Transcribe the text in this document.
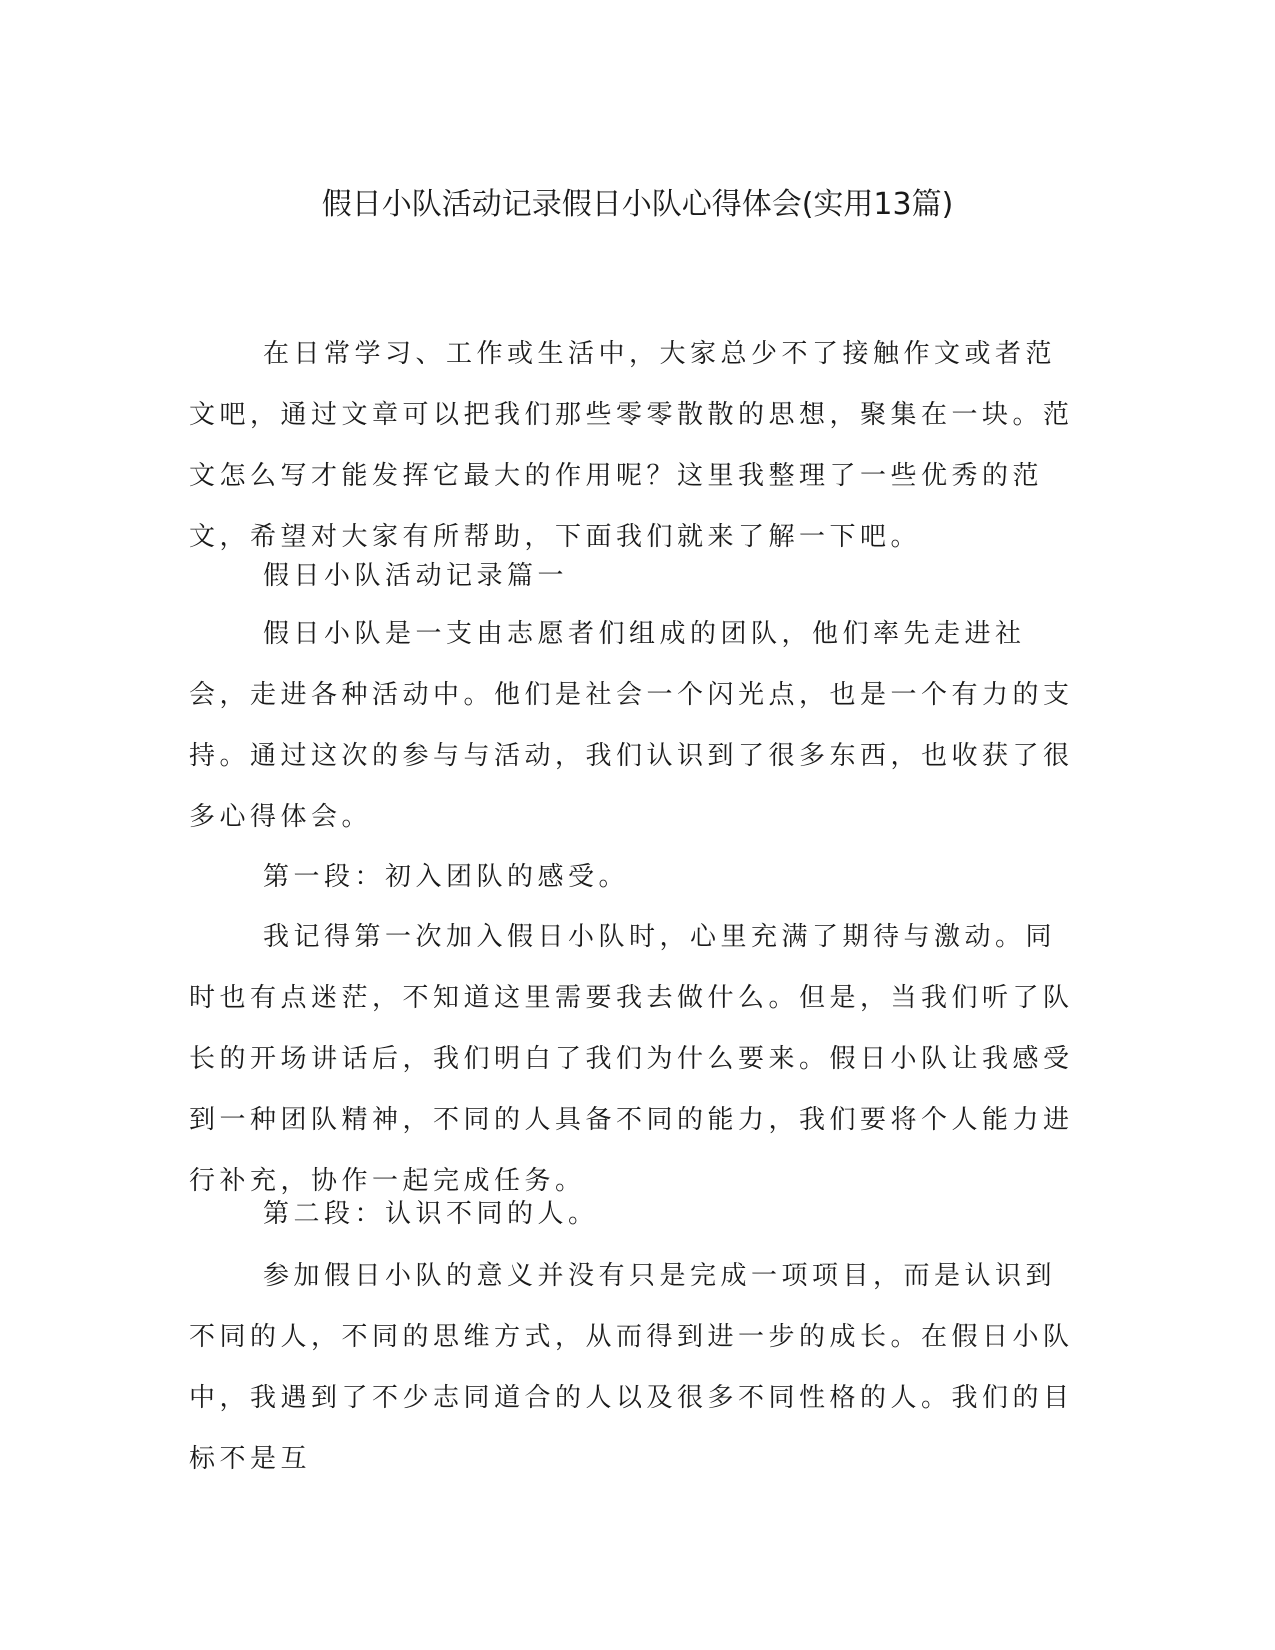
假日小队活动记录假日小队心得体会(实用13篇)

在日常学习、工作或生活中，大家总少不了接触作文或者范文吧，通过文章可以把我们那些零零散散的思想，聚集在一块。范文怎么写才能发挥它最大的作用呢？这里我整理了一些优秀的范文，希望对大家有所帮助，下面我们就来了解一下吧。

假日小队活动记录篇一

假日小队是一支由志愿者们组成的团队，他们率先走进社会，走进各种活动中。他们是社会一个闪光点，也是一个有力的支持。通过这次的参与与活动，我们认识到了很多东西，也收获了很多心得体会。

第一段：初入团队的感受。

我记得第一次加入假日小队时，心里充满了期待与激动。同时也有点迷茫，不知道这里需要我去做什么。但是，当我们听了队长的开场讲话后，我们明白了我们为什么要来。假日小队让我感受到一种团队精神，不同的人具备不同的能力，我们要将个人能力进行补充，协作一起完成任务。

第二段：认识不同的人。

参加假日小队的意义并没有只是完成一项项目，而是认识到不同的人，不同的思维方式，从而得到进一步的成长。在假日小队中，我遇到了不少志同道合的人以及很多不同性格的人。我们的目标不是互
